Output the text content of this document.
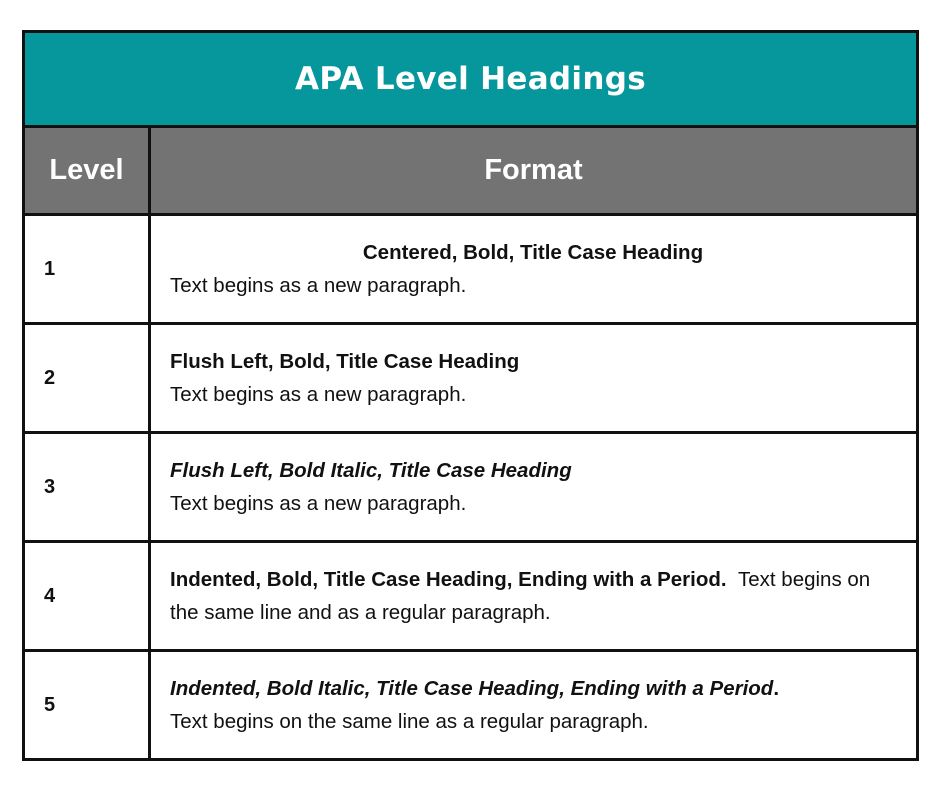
APA Level Headings
Level	Format
1
Centered, Bold, Title Case Heading
Text begins as a new paragraph.
2
Flush Left, Bold, Title Case Heading
Text begins as a new paragraph.
3
Flush Left, Bold Italic, Title Case Heading
Text begins as a new paragraph.
4
Indented, Bold, Title Case Heading, Ending with a Period. Text begins on the same line and as a regular paragraph.
5
Indented, Bold Italic, Title Case Heading, Ending with a Period.
Text begins on the same line as a regular paragraph.
